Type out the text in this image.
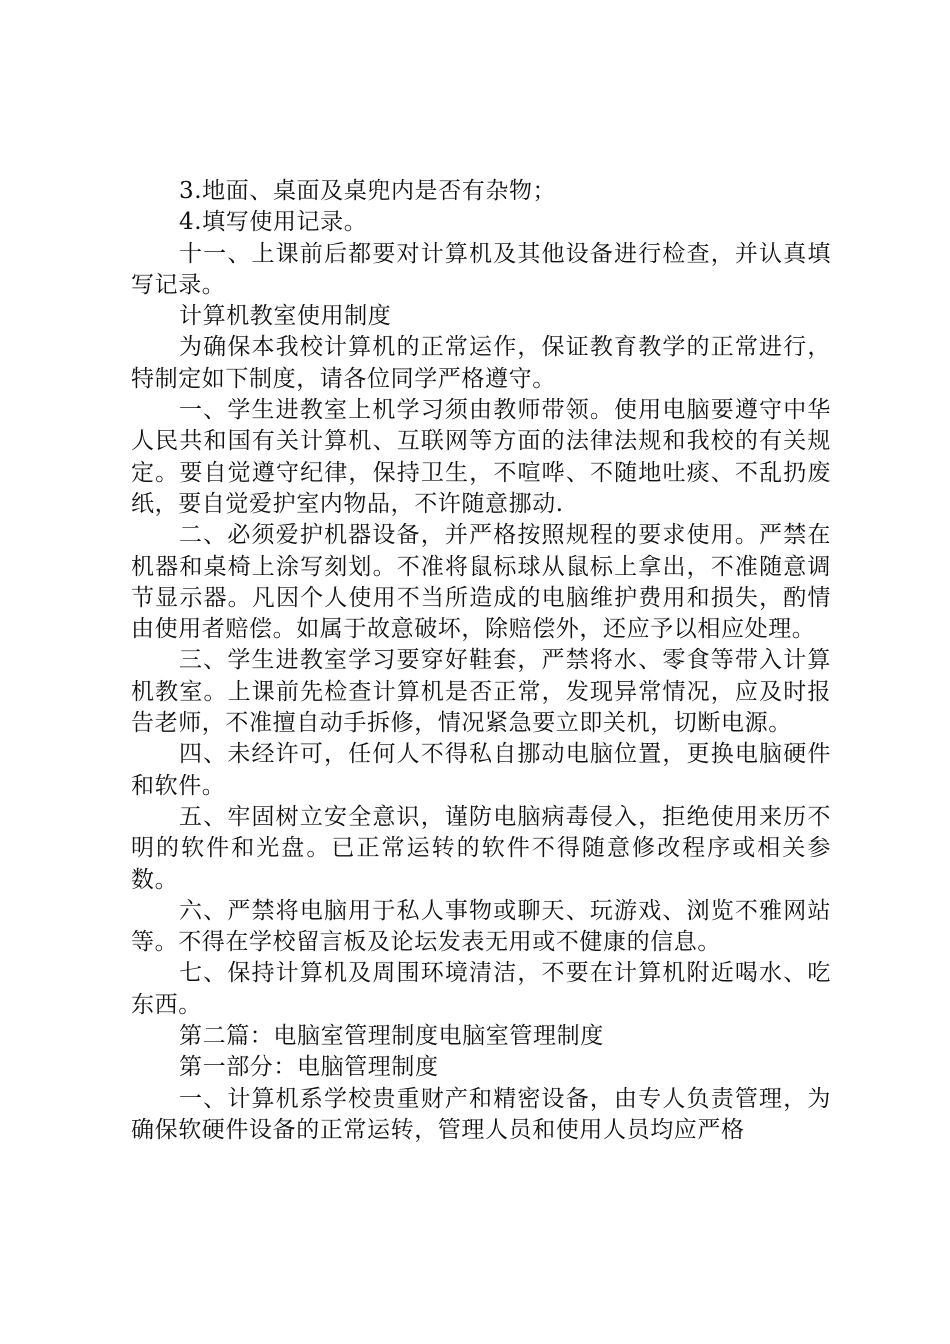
3.地面、桌面及桌兜内是否有杂物；

4.填写使用记录。

十一、上课前后都要对计算机及其他设备进行检查，并认真填写记录。

计算机教室使用制度

为确保本我校计算机的正常运作，保证教育教学的正常进行，特制定如下制度，请各位同学严格遵守。

一、学生进教室上机学习须由教师带领。使用电脑要遵守中华人民共和国有关计算机、互联网等方面的法律法规和我校的有关规定。要自觉遵守纪律，保持卫生，不喧哗、不随地吐痰、不乱扔废纸，要自觉爱护室内物品，不许随意挪动.

二、必须爱护机器设备，并严格按照规程的要求使用。严禁在机器和桌椅上涂写刻划。不准将鼠标球从鼠标上拿出，不准随意调节显示器。凡因个人使用不当所造成的电脑维护费用和损失，酌情由使用者赔偿。如属于故意破坏，除赔偿外，还应予以相应处理。

三、学生进教室学习要穿好鞋套，严禁将水、零食等带入计算机教室。上课前先检查计算机是否正常，发现异常情况，应及时报告老师，不准擅自动手拆修，情况紧急要立即关机，切断电源。

四、未经许可，任何人不得私自挪动电脑位置，更换电脑硬件和软件。

五、牢固树立安全意识，谨防电脑病毒侵入，拒绝使用来历不明的软件和光盘。已正常运转的软件不得随意修改程序或相关参数。

六、严禁将电脑用于私人事物或聊天、玩游戏、浏览不雅网站等。不得在学校留言板及论坛发表无用或不健康的信息。

七、保持计算机及周围环境清洁，不要在计算机附近喝水、吃东西。

第二篇：电脑室管理制度电脑室管理制度

第一部分：电脑管理制度

一、计算机系学校贵重财产和精密设备，由专人负责管理，为确保软硬件设备的正常运转，管理人员和使用人员均应严格
